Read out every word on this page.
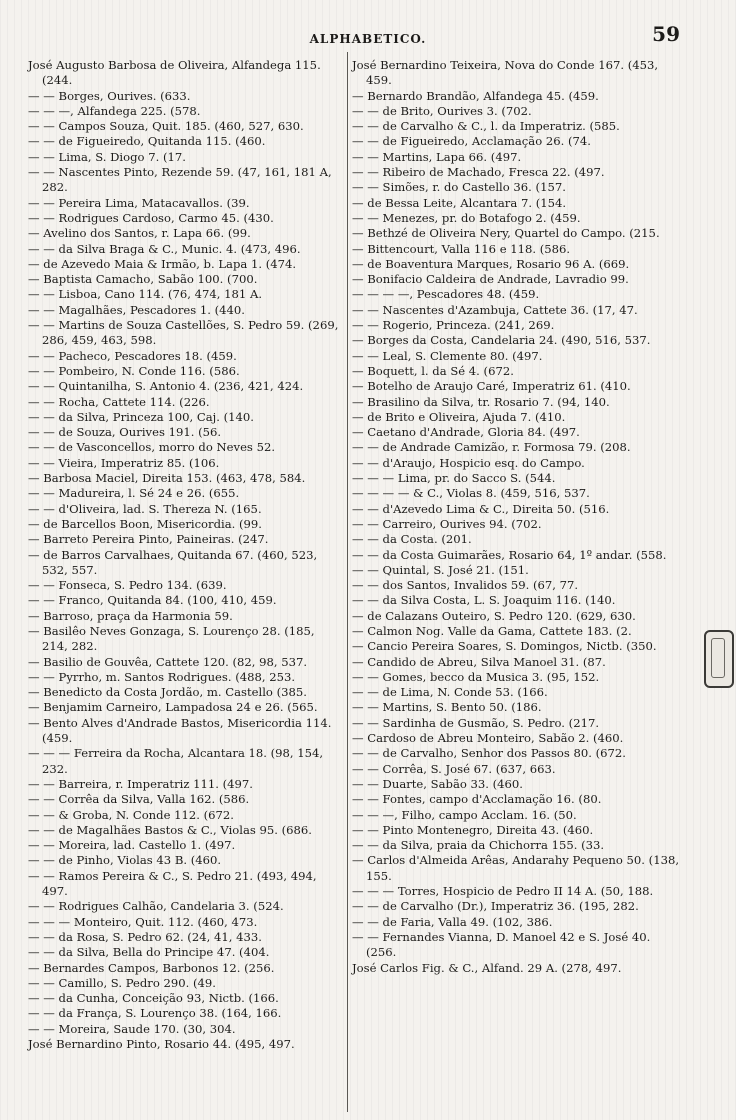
ALPHABETICO.	59

José Augusto Barbosa de Oliveira, Alfandega 115. (244.

— — Borges, Ourives. (633.

— — —, Alfandega 225. (578.

— — Campos Souza, Quit. 185. (460, 527, 630.

— — de Figueiredo, Quitanda 115. (460.

— — Lima, S. Diogo 7. (17.

— — Nascentes Pinto, Rezende 59. (47, 161, 181 A, 282.

— — Pereira Lima, Matacavallos. (39.

— — Rodrigues Cardoso, Carmo 45. (430.

— Avelino dos Santos, r. Lapa 66. (99.

— — da Silva Braga & C., Munic. 4. (473, 496.

— de Azevedo Maia & Irmão, b. Lapa 1. (474.

— Baptista Camacho, Sabão 100. (700.

— — Lisboa, Cano 114. (76, 474, 181 A.

— — Magalhães, Pescadores 1. (440.

— — Martins de Souza Castellões, S. Pedro 59. (269, 286, 459, 463, 598.

— — Pacheco, Pescadores 18. (459.

— — Pombeiro, N. Conde 116. (586.

— — Quintanilha, S. Antonio 4. (236, 421, 424.

— — Rocha, Cattete 114. (226.

— — da Silva, Princeza 100, Caj. (140.

— — de Souza, Ourives 191. (56.

— — de Vasconcellos, morro do Neves 52.

— — Vieira, Imperatriz 85. (106.

— Barbosa Maciel, Direita 153. (463, 478, 584.

— — Madureira, l. Sé 24 e 26. (655.

— — d'Oliveira, lad. S. Thereza N. (165.

— de Barcellos Boon, Misericordia. (99.

— Barreto Pereira Pinto, Paineiras. (247.

— de Barros Carvalhaes, Quitanda 67. (460, 523, 532, 557.

— — Fonseca, S. Pedro 134. (639.

— — Franco, Quitanda 84. (100, 410, 459.

— Barroso, praça da Harmonia 59.

— Basilêo Neves Gonzaga, S. Lourenço 28. (185, 214, 282.

— Basilio de Gouvêa, Cattete 120. (82, 98, 537.

— — Pyrrho, m. Santos Rodrigues. (488, 253.

— Benedicto da Costa Jordão, m. Castello (385.

— Benjamim Carneiro, Lampadosa 24 e 26. (565.

— Bento Alves d'Andrade Bastos, Misericordia 114. (459.

— — — Ferreira da Rocha, Alcantara 18. (98, 154, 232.

— — Barreira, r. Imperatriz 111. (497.

— — Corrêa da Silva, Valla 162. (586.

— — & Groba, N. Conde 112. (672.

— — de Magalhães Bastos & C., Violas 95. (686.

— — Moreira, lad. Castello 1. (497.

— — de Pinho, Violas 43 B. (460.

— — Ramos Pereira & C., S. Pedro 21. (493, 494, 497.

— — Rodrigues Calhão, Candelaria 3. (524.

— — — Monteiro, Quit. 112. (460, 473.

— — da Rosa, S. Pedro 62. (24, 41, 433.

— — da Silva, Bella do Principe 47. (404.

— Bernardes Campos, Barbonos 12. (256.

— — Camillo, S. Pedro 290. (49.

— — da Cunha, Conceição 93, Nictb. (166.

— — da França, S. Lourenço 38. (164, 166.

— — Moreira, Saude 170. (30, 304.

José Bernardino Pinto, Rosario 44. (495, 497.

José Bernardino Teixeira, Nova do Conde 167. (453, 459.

— Bernardo Brandão, Alfandega 45. (459.

— — de Brito, Ourives 3. (702.

— — de Carvalho & C., l. da Imperatriz. (585.

— — de Figueiredo, Acclamação 26. (74.

— — Martins, Lapa 66. (497.

— — Ribeiro de Machado, Fresca 22. (497.

— — Simões, r. do Castello 36. (157.

— de Bessa Leite, Alcantara 7. (154.

— — Menezes, pr. do Botafogo 2. (459.

— Bethzé de Oliveira Nery, Quartel do Campo. (215.

— Bittencourt, Valla 116 e 118. (586.

— de Boaventura Marques, Rosario 96 A. (669.

— Bonifacio Caldeira de Andrade, Lavradio 99.

— — — —, Pescadores 48. (459.

— — Nascentes d'Azambuja, Cattete 36. (17, 47.

— — Rogerio, Princeza. (241, 269.

— Borges da Costa, Candelaria 24. (490, 516, 537.

— — Leal, S. Clemente 80. (497.

— Boquett, l. da Sé 4. (672.

— Botelho de Araujo Caré, Imperatriz 61. (410.

— Brasilino da Silva, tr. Rosario 7. (94, 140.

— de Brito e Oliveira, Ajuda 7. (410.

— Caetano d'Andrade, Gloria 84. (497.

— — de Andrade Camizão, r. Formosa 79. (208.

— — d'Araujo, Hospicio esq. do Campo.

— — — Lima, pr. do Sacco S. (544.

— — — — & C., Violas 8. (459, 516, 537.

— — d'Azevedo Lima & C., Direita 50. (516.

— — Carreiro, Ourives 94. (702.

— — da Costa. (201.

— — da Costa Guimarães, Rosario 64, 1º andar. (558.

— — Quintal, S. José 21. (151.

— — dos Santos, Invalidos 59. (67, 77.

— — da Silva Costa, L. S. Joaquim 116. (140.

— de Calazans Outeiro, S. Pedro 120. (629, 630.

— Calmon Nog. Valle da Gama, Cattete 183. (2.

— Cancio Pereira Soares, S. Domingos, Nictb. (350.

— Candido de Abreu, Silva Manoel 31. (87.

— — Gomes, becco da Musica 3. (95, 152.

— — de Lima, N. Conde 53. (166.

— — Martins, S. Bento 50. (186.

— — Sardinha de Gusmão, S. Pedro. (217.

— Cardoso de Abreu Monteiro, Sabão 2. (460.

— — de Carvalho, Senhor dos Passos 80. (672.

— — Corrêa, S. José 67. (637, 663.

— — Duarte, Sabão 33. (460.

— — Fontes, campo d'Acclamação 16. (80.

— — —, Filho, campo Acclam. 16. (50.

— — Pinto Montenegro, Direita 43. (460.

— — da Silva, praia da Chichorra 155. (33.

— Carlos d'Almeida Arêas, Andarahy Pequeno 50. (138, 155.

— — — Torres, Hospicio de Pedro II 14 A. (50, 188.

— — de Carvalho (Dr.), Imperatriz 36. (195, 282.

— — de Faria, Valla 49. (102, 386.

— — Fernandes Vianna, D. Manoel 42 e S. José 40. (256.

José Carlos Fig. & C., Alfand. 29 A. (278, 497.
